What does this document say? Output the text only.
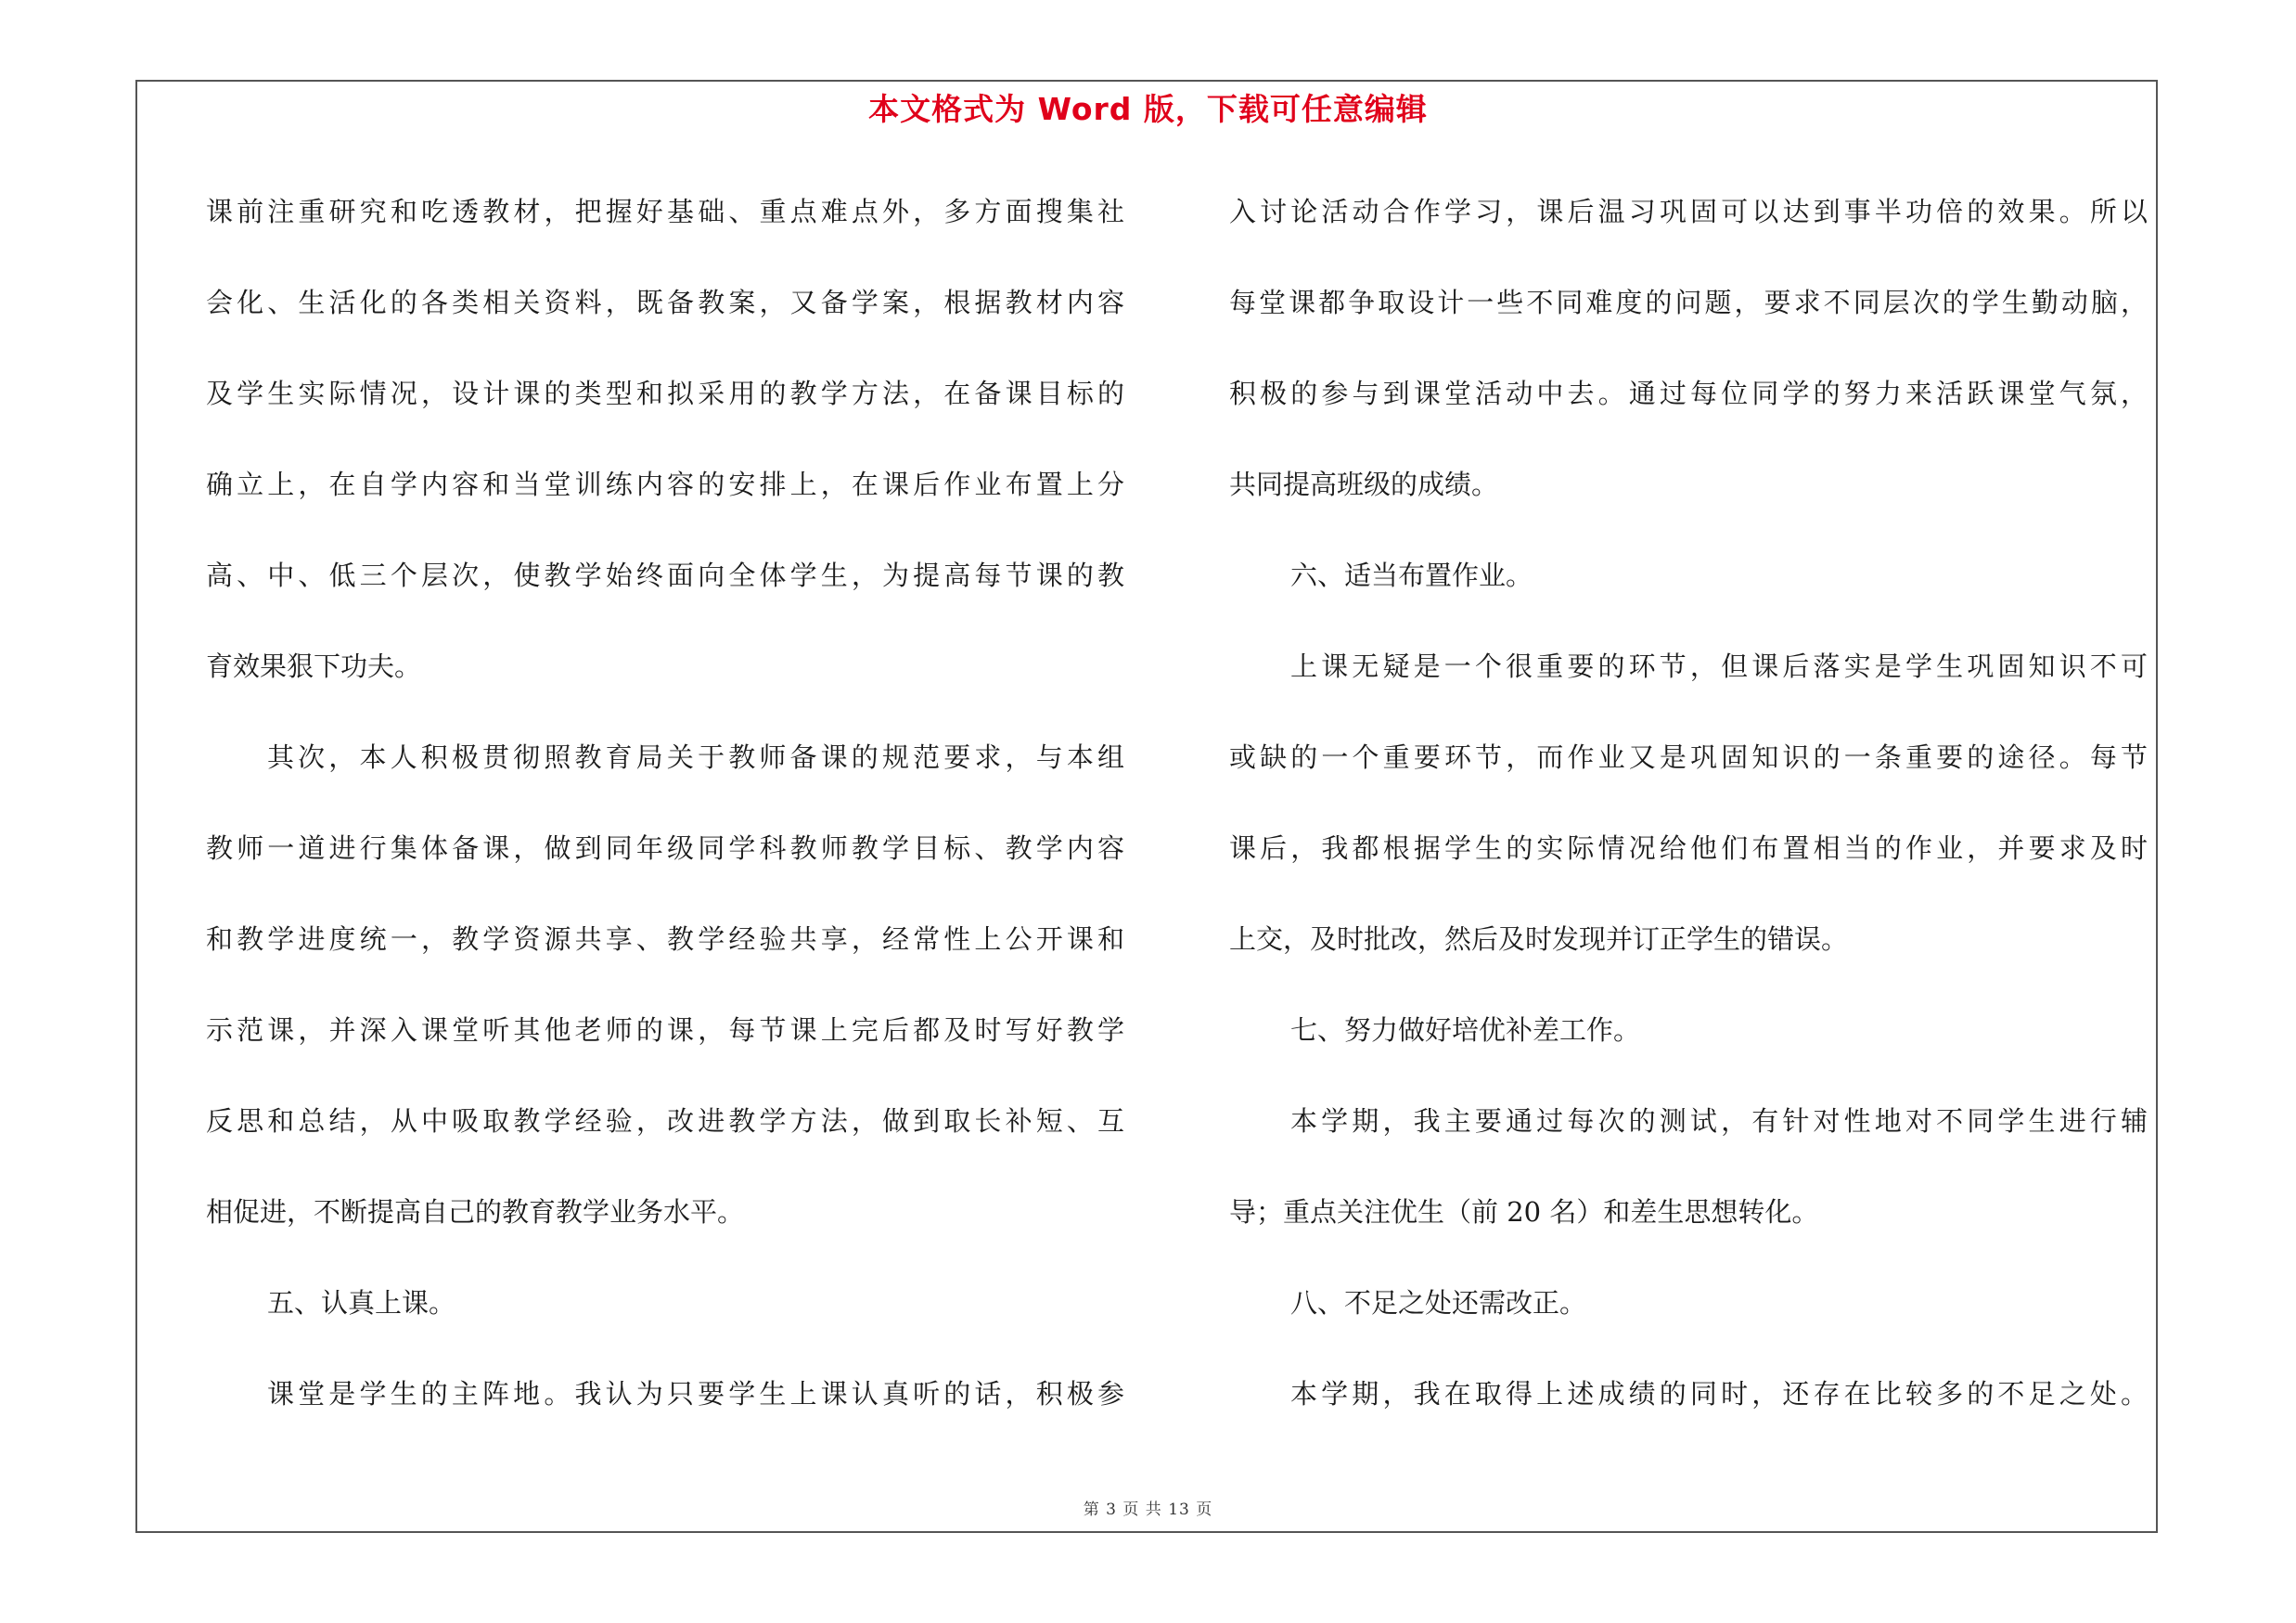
本文格式为 Word 版，下载可任意编辑
课前注重研究和吃透教材，把握好基础、重点难点外，多方面搜集社
会化、生活化的各类相关资料，既备教案，又备学案，根据教材内容
及学生实际情况，设计课的类型和拟采用的教学方法，在备课目标的
确立上，在自学内容和当堂训练内容的安排上，在课后作业布置上分
高、中、低三个层次，使教学始终面向全体学生，为提高每节课的教
育效果狠下功夫。
其次，本人积极贯彻照教育局关于教师备课的规范要求，与本组
教师一道进行集体备课，做到同年级同学科教师教学目标、教学内容
和教学进度统一，教学资源共享、教学经验共享，经常性上公开课和
示范课，并深入课堂听其他老师的课，每节课上完后都及时写好教学
反思和总结，从中吸取教学经验，改进教学方法，做到取长补短、互
相促进，不断提高自己的教育教学业务水平。
五、认真上课。
课堂是学生的主阵地。我认为只要学生上课认真听的话，积极参
入讨论活动合作学习，课后温习巩固可以达到事半功倍的效果。所以
每堂课都争取设计一些不同难度的问题，要求不同层次的学生勤动脑，
积极的参与到课堂活动中去。通过每位同学的努力来活跃课堂气氛，
共同提高班级的成绩。
六、适当布置作业。
上课无疑是一个很重要的环节，但课后落实是学生巩固知识不可
或缺的一个重要环节，而作业又是巩固知识的一条重要的途径。每节
课后，我都根据学生的实际情况给他们布置相当的作业，并要求及时
上交，及时批改，然后及时发现并订正学生的错误。
七、努力做好培优补差工作。
本学期，我主要通过每次的测试，有针对性地对不同学生进行辅
导；重点关注优生（前 20 名）和差生思想转化。
八、不足之处还需改正。
本学期，我在取得上述成绩的同时，还存在比较多的不足之处。
第 3 页 共 13 页
